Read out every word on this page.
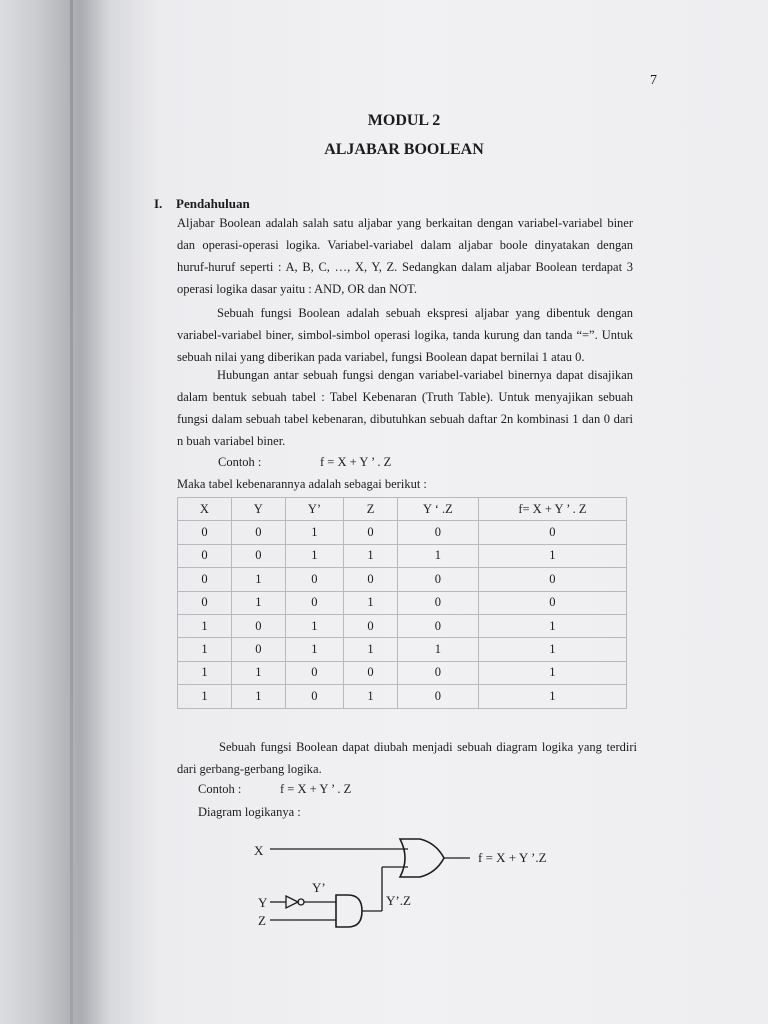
7
MODUL 2
ALJABAR BOOLEAN
I. Pendahuluan
Aljabar Boolean adalah salah satu aljabar yang berkaitan dengan variabel-variabel biner dan operasi-operasi logika. Variabel-variabel dalam aljabar boole dinyatakan dengan huruf-huruf seperti : A, B, C, …, X, Y, Z. Sedangkan dalam aljabar Boolean terdapat 3 operasi logika dasar yaitu : AND, OR dan NOT.
Sebuah fungsi Boolean adalah sebuah ekspresi aljabar yang dibentuk dengan variabel-variabel biner, simbol-simbol operasi logika, tanda kurung dan tanda “=”. Untuk sebuah nilai yang diberikan pada variabel, fungsi Boolean dapat bernilai 1 atau 0.
Hubungan antar sebuah fungsi dengan variabel-variabel binernya dapat disajikan dalam bentuk sebuah tabel : Tabel Kebenaran (Truth Table). Untuk menyajikan sebuah fungsi dalam sebuah tabel kebenaran, dibutuhkan sebuah daftar 2n kombinasi 1 dan 0 dari n buah variabel biner.
Contoh :	f = X + Y ’ . Z
Maka tabel kebenarannya adalah sebagai berikut :
X	Y	Y’	Z	Y ‘ .Z	f= X + Y ’ . Z
0	0	1	0	0	0
0	0	1	1	1	1
0	1	0	0	0	0
0	1	0	1	0	0
1	0	1	0	0	1
1	0	1	1	1	1
1	1	0	0	0	1
1	1	0	1	0	1
Sebuah fungsi Boolean dapat diubah menjadi sebuah diagram logika yang terdiri dari gerbang-gerbang logika.
Contoh :	f = X + Y ’ . Z
Diagram logikanya :
X	f = X + Y ’.Z
Y
Y’
Z
Y’.Z
